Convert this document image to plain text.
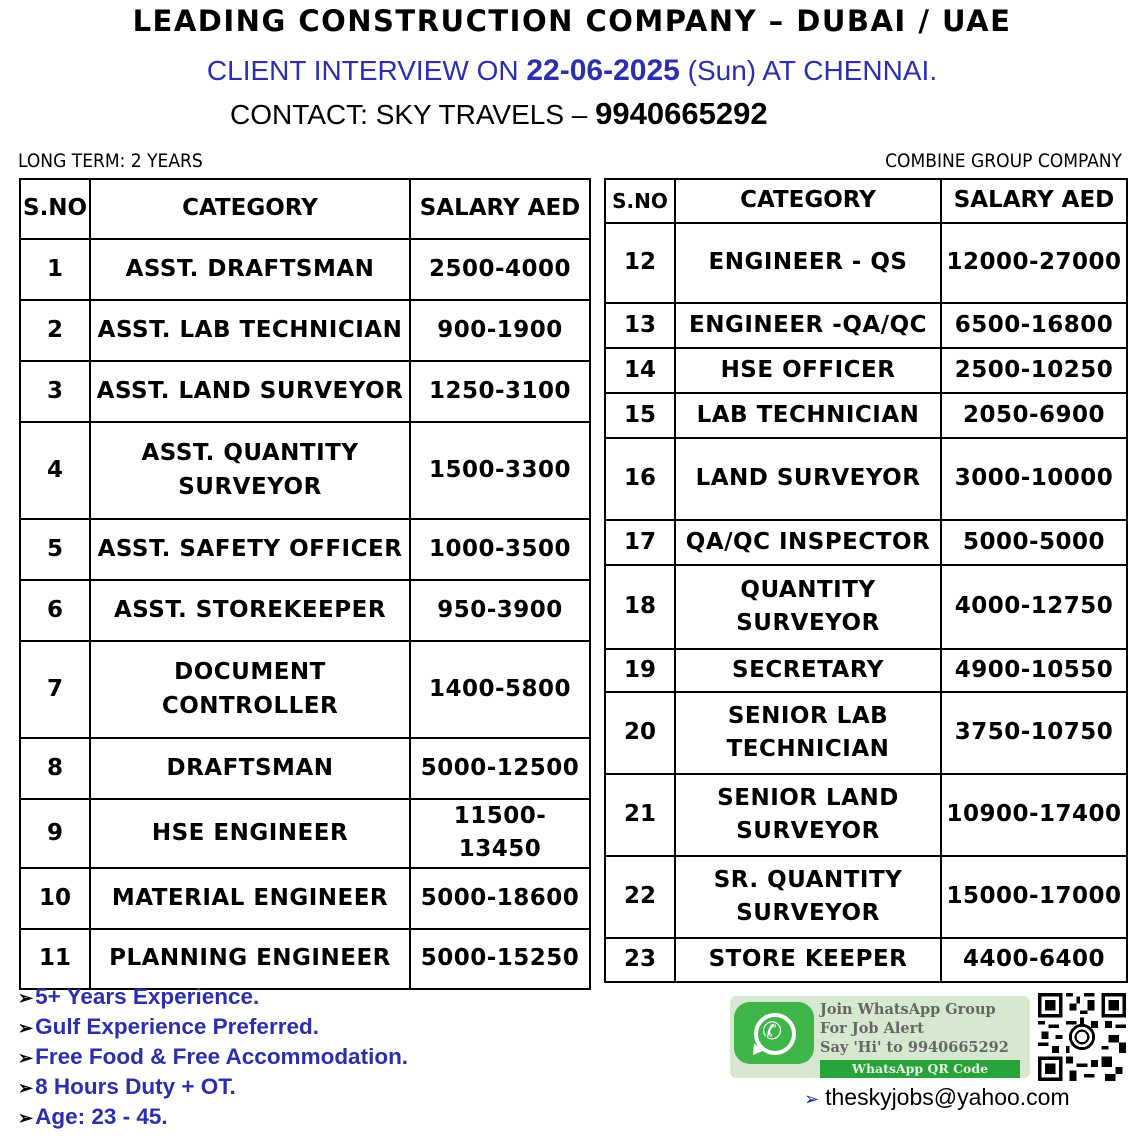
LEADING CONSTRUCTION COMPANY – DUBAI / UAE
CLIENT INTERVIEW ON 22-06-2025 (Sun) AT CHENNAI.
CONTACT: SKY TRAVELS – 9940665292
LONG TERM: 2 YEARS	COMBINE GROUP COMPANY
S.NO	CATEGORY	SALARY AED
1	ASST. DRAFTSMAN	2500-4000
2	ASST. LAB TECHNICIAN	900-1900
3	ASST. LAND SURVEYOR	1250-3100
4	ASST. QUANTITY SURVEYOR	1500-3300
5	ASST. SAFETY OFFICER	1000-3500
6	ASST. STOREKEEPER	950-3900
7	DOCUMENT CONTROLLER	1400-5800
8	DRAFTSMAN	5000-12500
9	HSE ENGINEER	11500-13450
10	MATERIAL ENGINEER	5000-18600
11	PLANNING ENGINEER	5000-15250
S.NO	CATEGORY	SALARY AED
12	ENGINEER - QS	12000-27000
13	ENGINEER -QA/QC	6500-16800
14	HSE OFFICER	2500-10250
15	LAB TECHNICIAN	2050-6900
16	LAND SURVEYOR	3000-10000
17	QA/QC INSPECTOR	5000-5000
18	QUANTITY SURVEYOR	4000-12750
19	SECRETARY	4900-10550
20	SENIOR LAB TECHNICIAN	3750-10750
21	SENIOR LAND SURVEYOR	10900-17400
22	SR. QUANTITY SURVEYOR	15000-17000
23	STORE KEEPER	4400-6400
➢5+ Years Experience.
➢Gulf Experience Preferred.
➢Free Food & Free Accommodation.
➢8 Hours Duty + OT.
➢Age: 23 - 45.
✆
Join WhatsApp Group
For Job Alert
Say 'Hi' to 9940665292
WhatsApp QR Code
➢ theskyjobs@yahoo.com
